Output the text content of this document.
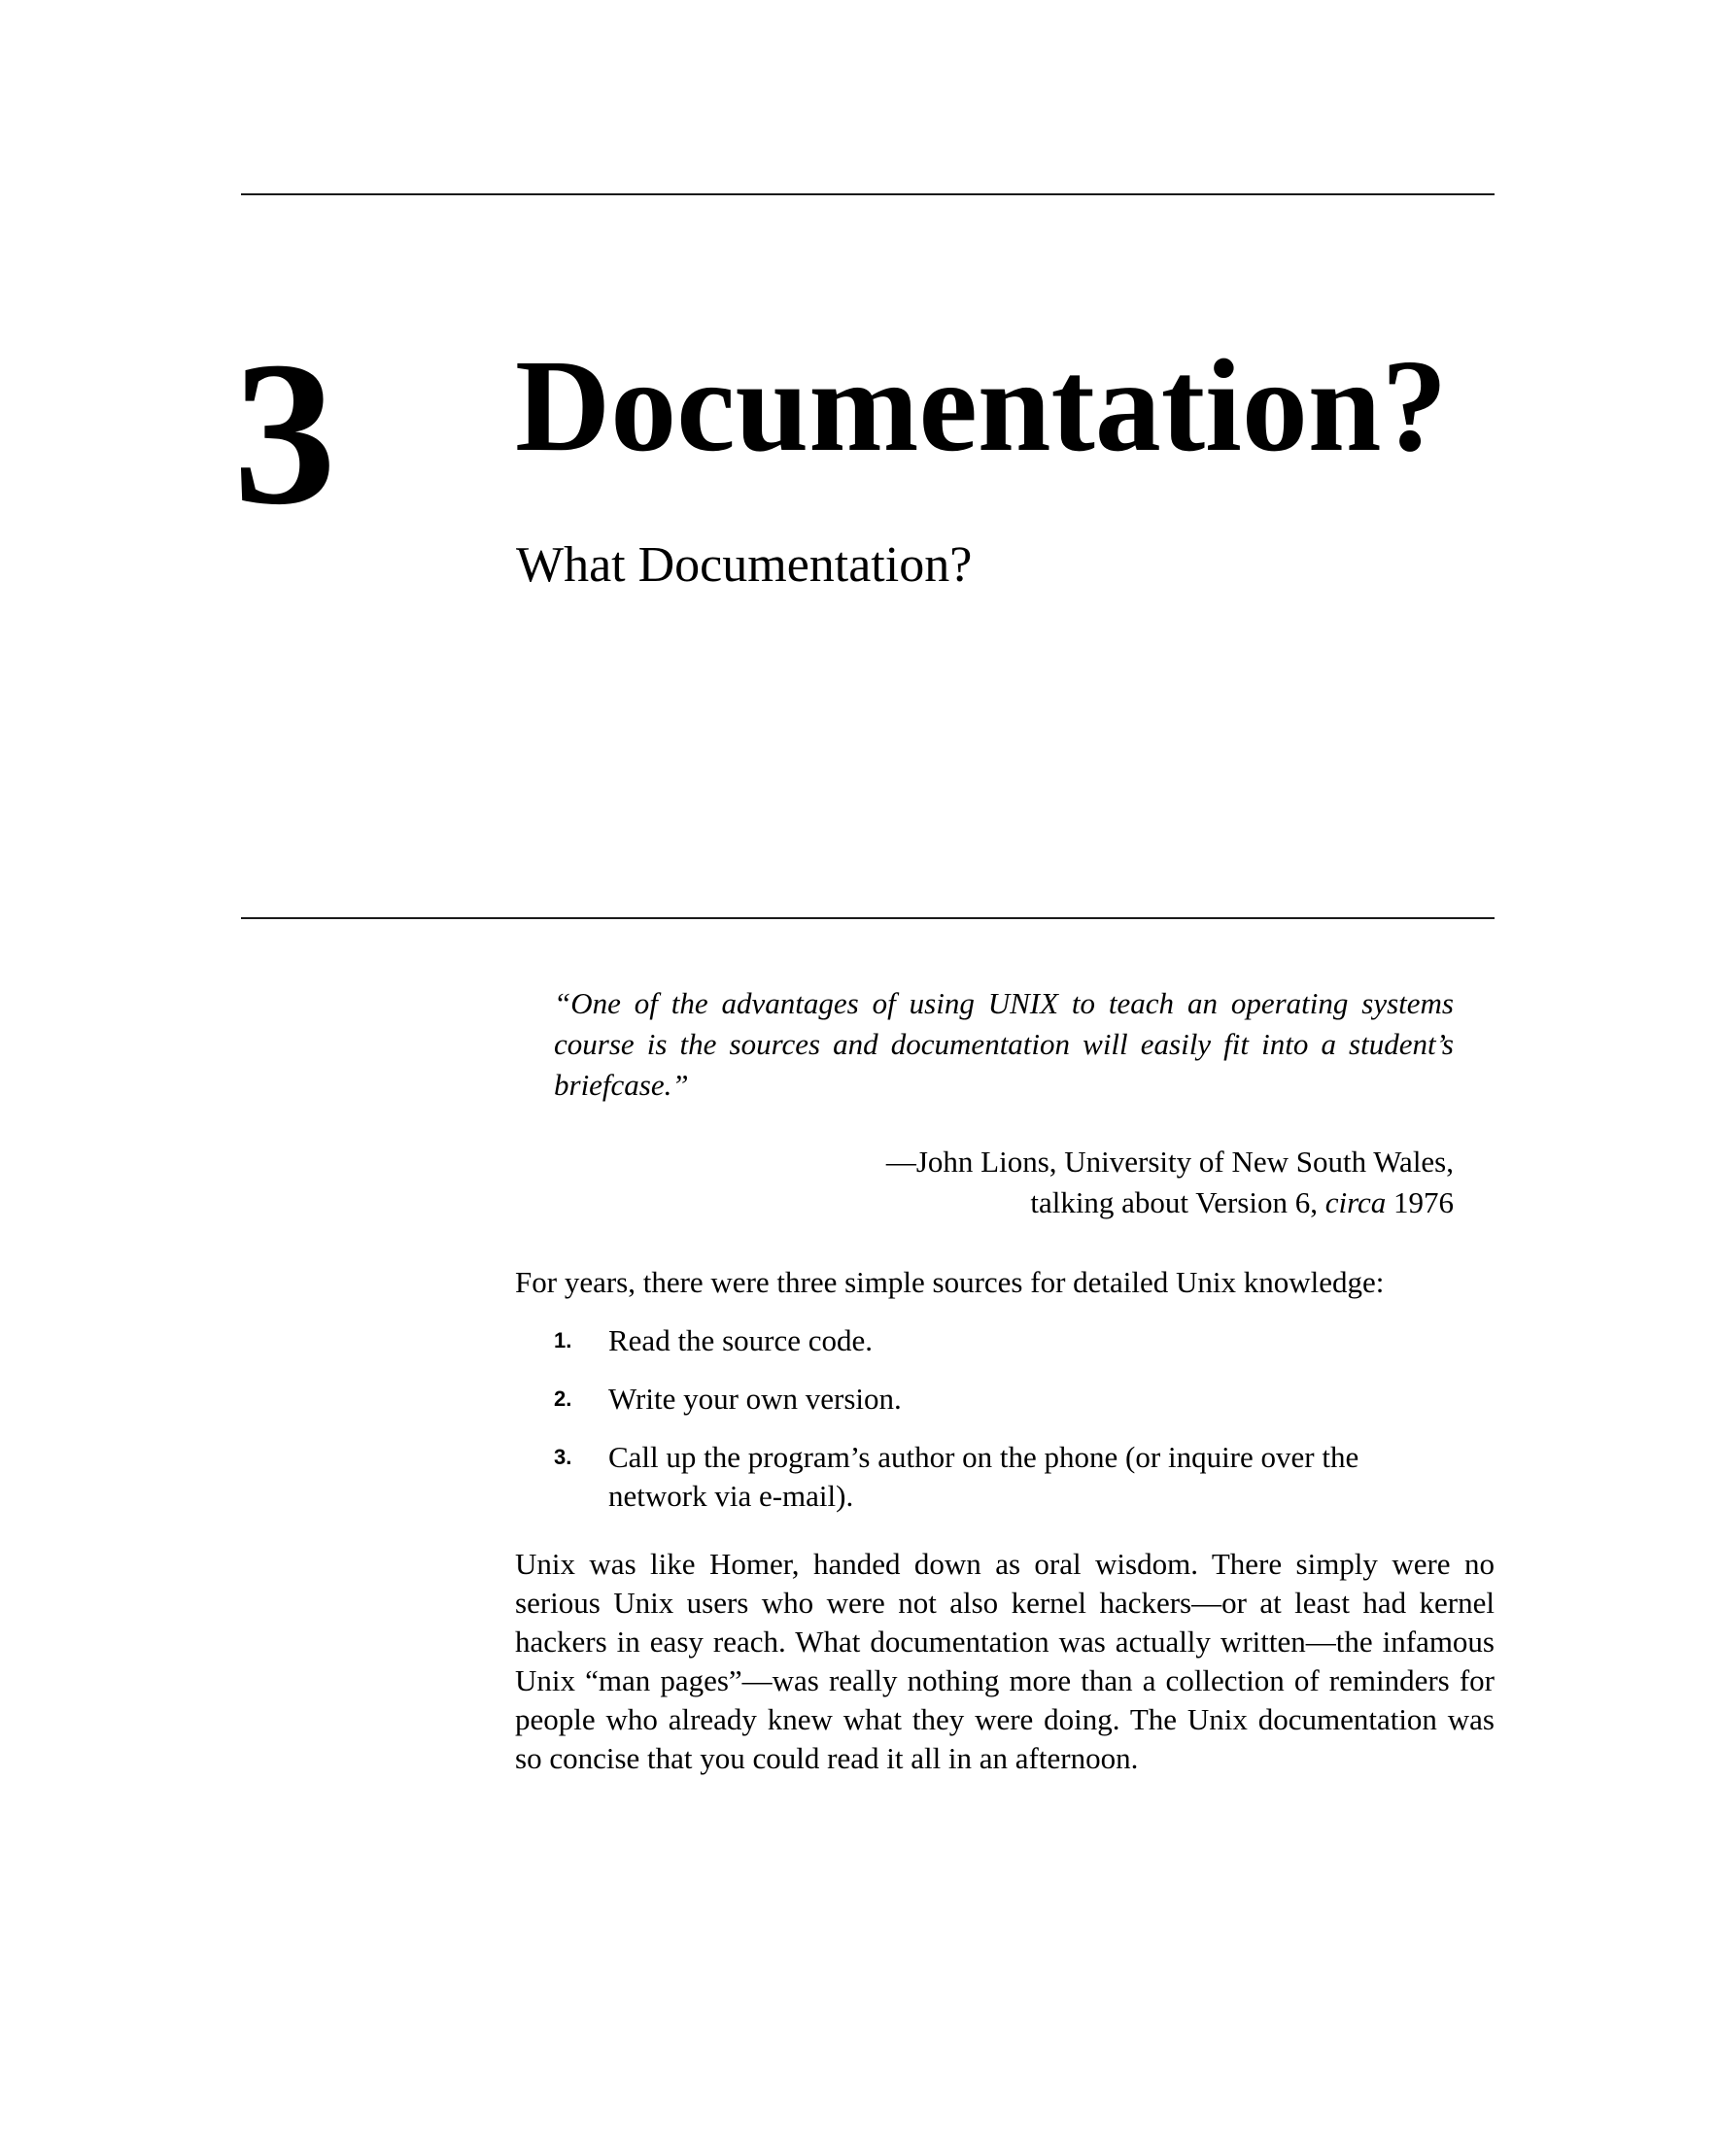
3 Documentation?
What Documentation?

“One of the advantages of using UNIX to teach an operating systems course is the sources and documentation will easily fit into a student’s briefcase.”

—John Lions, University of New South Wales,
talking about Version 6, circa 1976

For years, there were three simple sources for detailed Unix knowledge:

1.	Read the source code.
2.	Write your own version.
3.	Call up the program’s author on the phone (or inquire over the network via e-mail).

Unix was like Homer, handed down as oral wisdom. There simply were no serious Unix users who were not also kernel hackers—or at least had kernel hackers in easy reach. What documentation was actually written—the infamous Unix “man pages”—was really nothing more than a collection of reminders for people who already knew what they were doing. The Unix documentation was so concise that you could read it all in an afternoon.
